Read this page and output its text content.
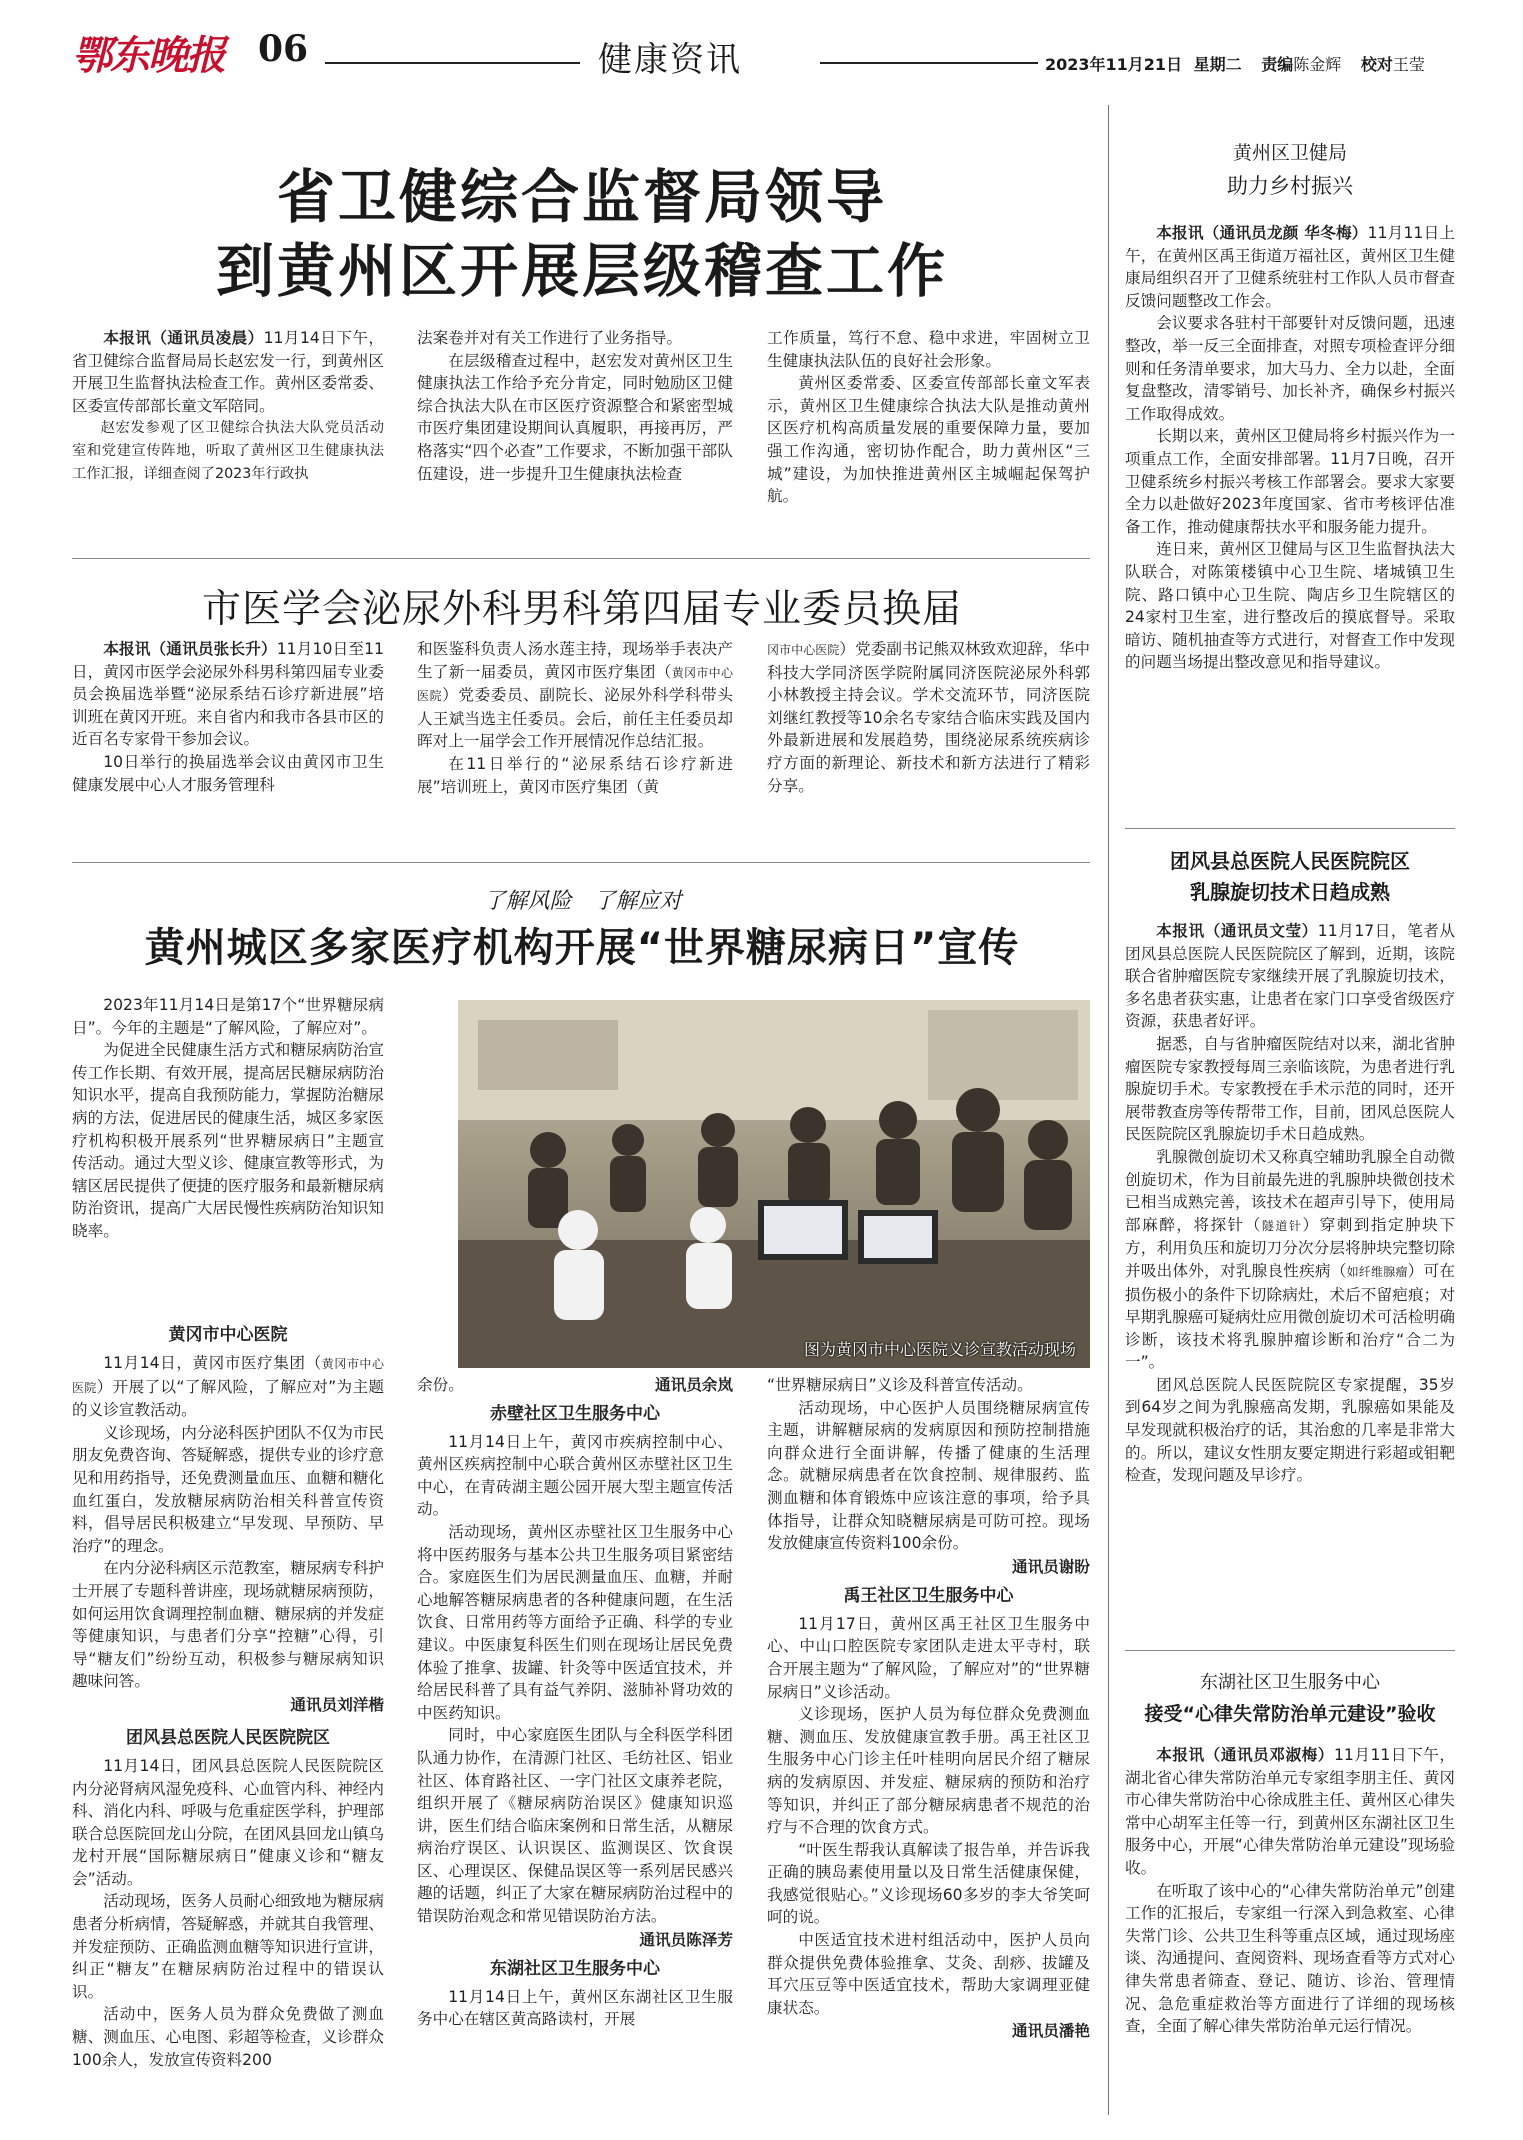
鄂东晚报 06	健康资讯	2023年11月21日 星期二 责编陈金辉 校对王莹
省卫健综合监督局领导
到黄州区开展层级稽查工作

本报讯（通讯员凌晨）11月14日下午，省卫健综合监督局局长赵宏发一行，到黄州区开展卫生监督执法检查工作。黄州区委常委、区委宣传部部长童文军陪同。

赵宏发参观了区卫健综合执法大队党员活动室和党建宣传阵地，听取了黄州区卫生健康执法工作汇报，详细查阅了2023年行政执

法案卷并对有关工作进行了业务指导。

在层级稽查过程中，赵宏发对黄州区卫生健康执法工作给予充分肯定，同时勉励区卫健综合执法大队在市区医疗资源整合和紧密型城市医疗集团建设期间认真履职，再接再厉，严格落实“四个必查”工作要求，不断加强干部队伍建设，进一步提升卫生健康执法检查

工作质量，笃行不怠、稳中求进，牢固树立卫生健康执法队伍的良好社会形象。

黄州区委常委、区委宣传部部长童文军表示，黄州区卫生健康综合执法大队是推动黄州区医疗机构高质量发展的重要保障力量，要加强工作沟通，密切协作配合，助力黄州区“三城”建设，为加快推进黄州区主城崛起保驾护航。

市医学会泌尿外科男科第四届专业委员换届

本报讯（通讯员张长升）11月10日至11日，黄冈市医学会泌尿外科男科第四届专业委员会换届选举暨“泌尿系结石诊疗新进展”培训班在黄冈开班。来自省内和我市各县市区的近百名专家骨干参加会议。

10日举行的换届选举会议由黄冈市卫生健康发展中心人才服务管理科

和医鉴科负责人汤水莲主持，现场举手表决产生了新一届委员，黄冈市医疗集团（黄冈市中心医院）党委委员、副院长、泌尿外科学科带头人王斌当选主任委员。会后，前任主任委员却晖对上一届学会工作开展情况作总结汇报。

在11日举行的“泌尿系结石诊疗新进展”培训班上，黄冈市医疗集团（黄

冈市中心医院）党委副书记熊双林致欢迎辞，华中科技大学同济医学院附属同济医院泌尿外科郭小林教授主持会议。学术交流环节，同济医院刘继红教授等10余名专家结合临床实践及国内外最新进展和发展趋势，围绕泌尿系统疾病诊疗方面的新理论、新技术和新方法进行了精彩分享。

了解风险　了解应对
黄州城区多家医疗机构开展“世界糖尿病日”宣传

2023年11月14日是第17个“世界糖尿病日”。今年的主题是“了解风险，了解应对”。

为促进全民健康生活方式和糖尿病防治宣传工作长期、有效开展，提高居民糖尿病防治知识水平，提高自我预防能力，掌握防治糖尿病的方法，促进居民的健康生活，城区多家医疗机构积极开展系列“世界糖尿病日”主题宣传活动。通过大型义诊、健康宣教等形式，为辖区居民提供了便捷的医疗服务和最新糖尿病防治资讯，提高广大居民慢性疾病防治知识知晓率。

图为黄冈市中心医院义诊宣教活动现场
黄冈市中心医院

11月14日，黄冈市医疗集团（黄冈市中心医院）开展了以“了解风险，了解应对”为主题的义诊宣教活动。

义诊现场，内分泌科医护团队不仅为市民朋友免费咨询、答疑解惑，提供专业的诊疗意见和用药指导，还免费测量血压、血糖和糖化血红蛋白，发放糖尿病防治相关科普宣传资料，倡导居民积极建立“早发现、早预防、早治疗”的理念。

在内分泌科病区示范教室，糖尿病专科护士开展了专题科普讲座，现场就糖尿病预防，如何运用饮食调理控制血糖、糖尿病的并发症等健康知识，与患者们分享“控糖”心得，引导“糖友们”纷纷互动，积极参与糖尿病知识趣味问答。

通讯员刘洋楷
团风县总医院人民医院院区

11月14日，团风县总医院人民医院院区内分泌肾病风湿免疫科、心血管内科、神经内科、消化内科、呼吸与危重症医学科，护理部联合总医院回龙山分院，在团风县回龙山镇乌龙村开展“国际糖尿病日”健康义诊和“糖友会”活动。

活动现场，医务人员耐心细致地为糖尿病患者分析病情，答疑解惑，并就其自我管理、并发症预防、正确监测血糖等知识进行宣讲，纠正“糖友”在糖尿病防治过程中的错误认识。

活动中，医务人员为群众免费做了测血糖、测血压、心电图、彩超等检查，义诊群众100余人，发放宣传资料200

余份。	通讯员余岚
赤壁社区卫生服务中心

11月14日上午，黄冈市疾病控制中心、黄州区疾病控制中心联合黄州区赤壁社区卫生中心，在青砖湖主题公园开展大型主题宣传活动。

活动现场，黄州区赤壁社区卫生服务中心将中医药服务与基本公共卫生服务项目紧密结合。家庭医生们为居民测量血压、血糖，并耐心地解答糖尿病患者的各种健康问题，在生活饮食、日常用药等方面给予正确、科学的专业建议。中医康复科医生们则在现场让居民免费体验了推拿、拔罐、针灸等中医适宜技术，并给居民科普了具有益气养阴、滋肺补肾功效的中医药知识。

同时，中心家庭医生团队与全科医学科团队通力协作，在清源门社区、毛纺社区、铝业社区、体育路社区、一字门社区文康养老院，组织开展了《糖尿病防治误区》健康知识巡讲，医生们结合临床案例和日常生活，从糖尿病治疗误区、认识误区、监测误区、饮食误区、心理误区、保健品误区等一系列居民感兴趣的话题，纠正了大家在糖尿病防治过程中的错误防治观念和常见错误防治方法。

通讯员陈泽芳
东湖社区卫生服务中心

11月14日上午，黄州区东湖社区卫生服务中心在辖区黄高路读村，开展

“世界糖尿病日”义诊及科普宣传活动。

活动现场，中心医护人员围绕糖尿病宣传主题，讲解糖尿病的发病原因和预防控制措施向群众进行全面讲解，传播了健康的生活理念。就糖尿病患者在饮食控制、规律服药、监测血糖和体育锻炼中应该注意的事项，给予具体指导，让群众知晓糖尿病是可防可控。现场发放健康宣传资料100余份。

通讯员谢盼
禹王社区卫生服务中心

11月17日，黄州区禹王社区卫生服务中心、中山口腔医院专家团队走进太平寺村，联合开展主题为“了解风险，了解应对”的“世界糖尿病日”义诊活动。

义诊现场，医护人员为每位群众免费测血糖、测血压、发放健康宣教手册。禹王社区卫生服务中心门诊主任叶桂明向居民介绍了糖尿病的发病原因、并发症、糖尿病的预防和治疗等知识，并纠正了部分糖尿病患者不规范的治疗与不合理的饮食方式。

“叶医生帮我认真解读了报告单，并告诉我正确的胰岛素使用量以及日常生活健康保健，我感觉很贴心。”义诊现场60多岁的李大爷笑呵呵的说。

中医适宜技术进村组活动中，医护人员向群众提供免费体验推拿、艾灸、刮痧、拔罐及耳穴压豆等中医适宜技术，帮助大家调理亚健康状态。

通讯员潘艳
黄州区卫健局
助力乡村振兴

本报讯（通讯员龙颜 华冬梅）11月11日上午，在黄州区禹王街道万福社区，黄州区卫生健康局组织召开了卫健系统驻村工作队人员市督查反馈问题整改工作会。

会议要求各驻村干部要针对反馈问题，迅速整改，举一反三全面排查，对照专项检查评分细则和任务清单要求，加大马力、全力以赴，全面复盘整改，清零销号、加长补齐，确保乡村振兴工作取得成效。

长期以来，黄州区卫健局将乡村振兴作为一项重点工作，全面安排部署。11月7日晚，召开卫健系统乡村振兴考核工作部署会。要求大家要全力以赴做好2023年度国家、省市考核评估准备工作，推动健康帮扶水平和服务能力提升。

连日来，黄州区卫健局与区卫生监督执法大队联合，对陈策楼镇中心卫生院、堵城镇卫生院、路口镇中心卫生院、陶店乡卫生院辖区的24家村卫生室，进行整改后的摸底督导。采取暗访、随机抽查等方式进行，对督查工作中发现的问题当场提出整改意见和指导建议。

团风县总医院人民医院院区
乳腺旋切技术日趋成熟

本报讯（通讯员文莹）11月17日，笔者从团风县总医院人民医院院区了解到，近期，该院联合省肿瘤医院专家继续开展了乳腺旋切技术，多名患者获实惠，让患者在家门口享受省级医疗资源，获患者好评。

据悉，自与省肿瘤医院结对以来，湖北省肿瘤医院专家教授每周三亲临该院，为患者进行乳腺旋切手术。专家教授在手术示范的同时，还开展带教查房等传帮带工作，目前，团风总医院人民医院院区乳腺旋切手术日趋成熟。

乳腺微创旋切术又称真空辅助乳腺全自动微创旋切术，作为目前最先进的乳腺肿块微创技术已相当成熟完善，该技术在超声引导下，使用局部麻醉，将探针（隧道针）穿刺到指定肿块下方，利用负压和旋切刀分次分层将肿块完整切除并吸出体外，对乳腺良性疾病（如纤维腺瘤）可在损伤极小的条件下切除病灶，术后不留疤痕；对早期乳腺癌可疑病灶应用微创旋切术可活检明确诊断，该技术将乳腺肿瘤诊断和治疗“合二为一”。

团风总医院人民医院院区专家提醒，35岁到64岁之间为乳腺癌高发期，乳腺癌如果能及早发现就积极治疗的话，其治愈的几率是非常大的。所以，建议女性朋友要定期进行彩超或钼靶检查，发现问题及早诊疗。

东湖社区卫生服务中心
接受“心律失常防治单元建设”验收

本报讯（通讯员邓淑梅）11月11日下午，湖北省心律失常防治单元专家组李朋主任、黄冈市心律失常防治中心徐成胜主任、黄州区心律失常中心胡军主任等一行，到黄州区东湖社区卫生服务中心，开展“心律失常防治单元建设”现场验收。

在听取了该中心的“心律失常防治单元”创建工作的汇报后，专家组一行深入到急救室、心律失常门诊、公共卫生科等重点区域，通过现场座谈、沟通提问、查阅资料、现场查看等方式对心律失常患者筛查、登记、随访、诊治、管理情况、急危重症救治等方面进行了详细的现场核查，全面了解心律失常防治单元运行情况。
